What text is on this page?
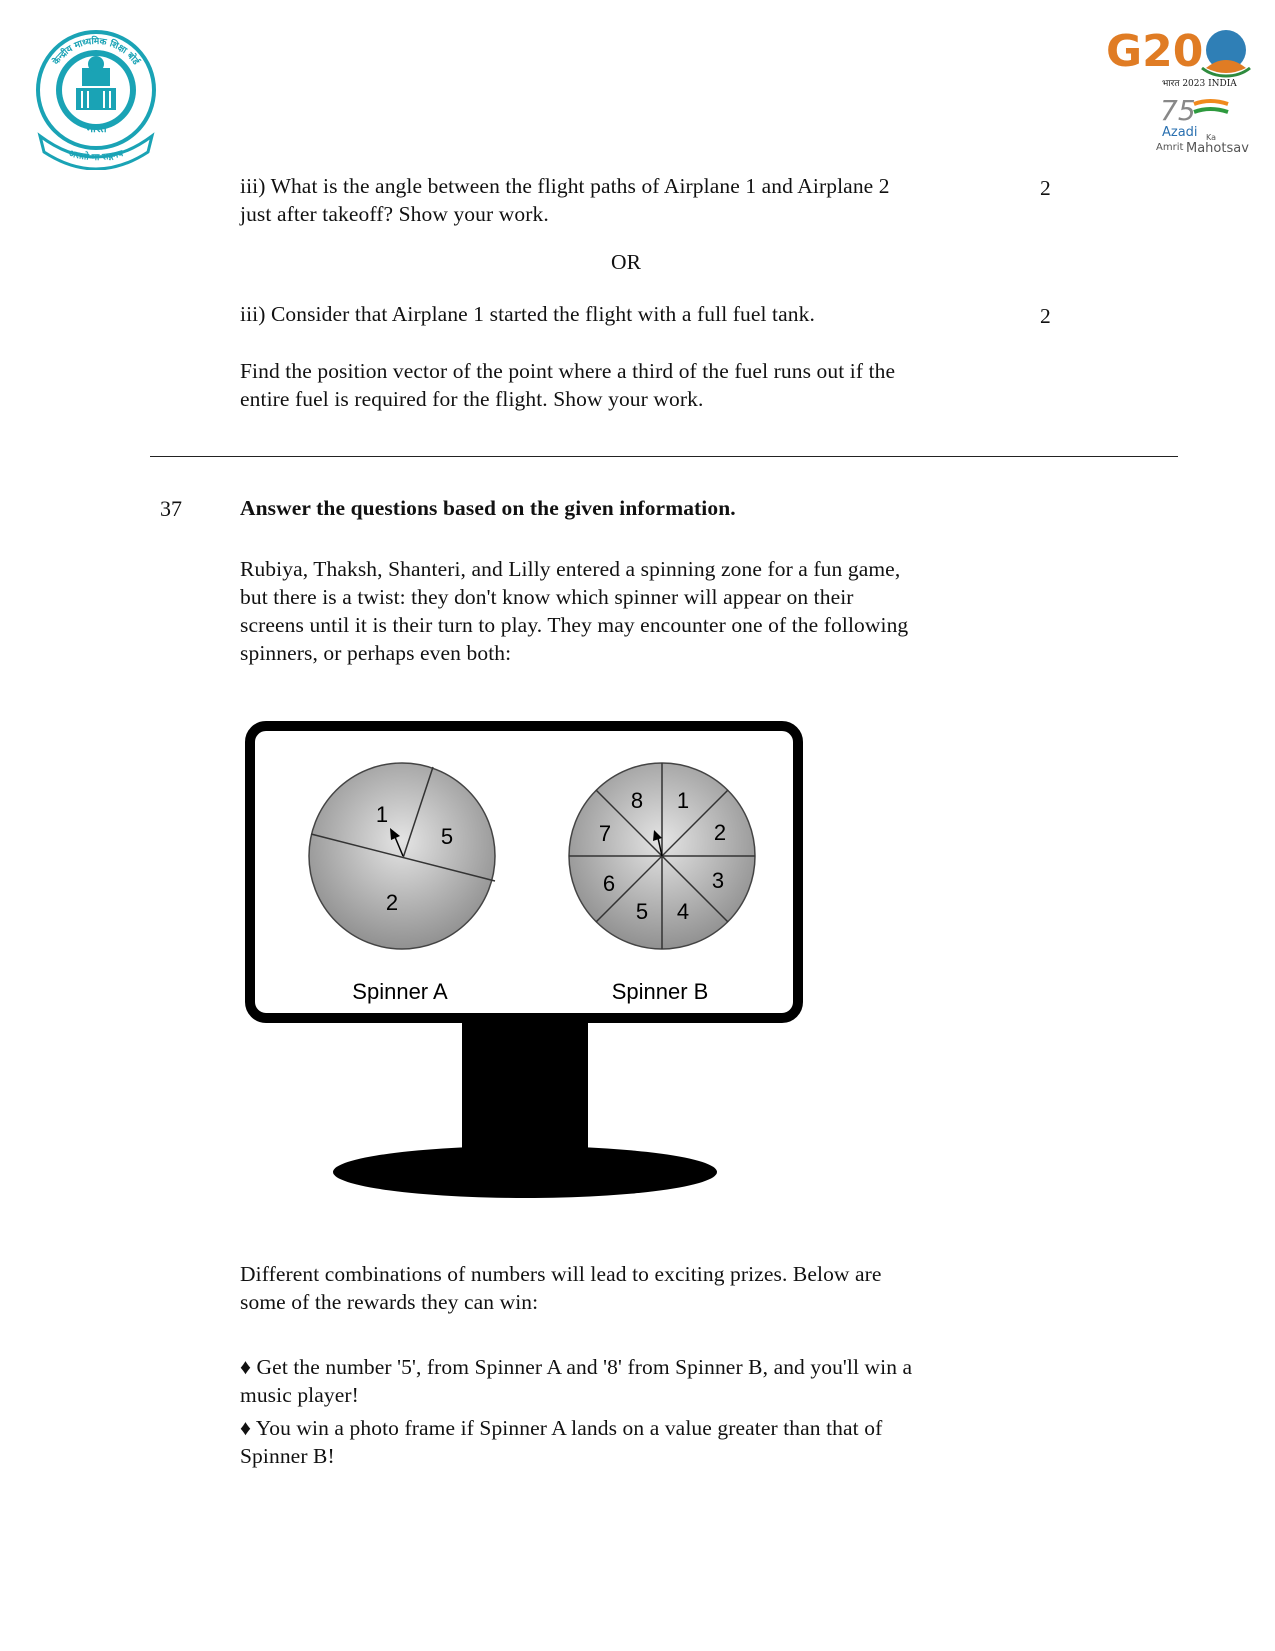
केन्द्रीय माध्यमिक शिक्षा बोर्ड
भारत
असतो मा सद्गमय
G20
भारत 2023 INDIA
75
Azadi Ka
Amrit Mahotsav
iii) What is the angle between the flight paths of Airplane 1 and Airplane 2
just after takeoff? Show your work.
2
OR
iii) Consider that Airplane 1 started the flight with a full fuel tank.	2
Find the position vector of the point where a third of the fuel runs out if the
entire fuel is required for the flight. Show your work.
37	Answer the questions based on the given information.
Rubiya, Thaksh, Shanteri, and Lilly entered a spinning zone for a fun game,
but there is a twist: they don't know which spinner will appear on their
screens until it is their turn to play. They may encounter one of the following
spinners, or perhaps even both:
1
5
2
Spinner A
8 1
2
3
4
5
6
7
Spinner B
Different combinations of numbers will lead to exciting prizes. Below are
some of the rewards they can win:
♦ Get the number '5', from Spinner A and '8' from Spinner B, and you'll win a
music player!
♦ You win a photo frame if Spinner A lands on a value greater than that of
Spinner B!
